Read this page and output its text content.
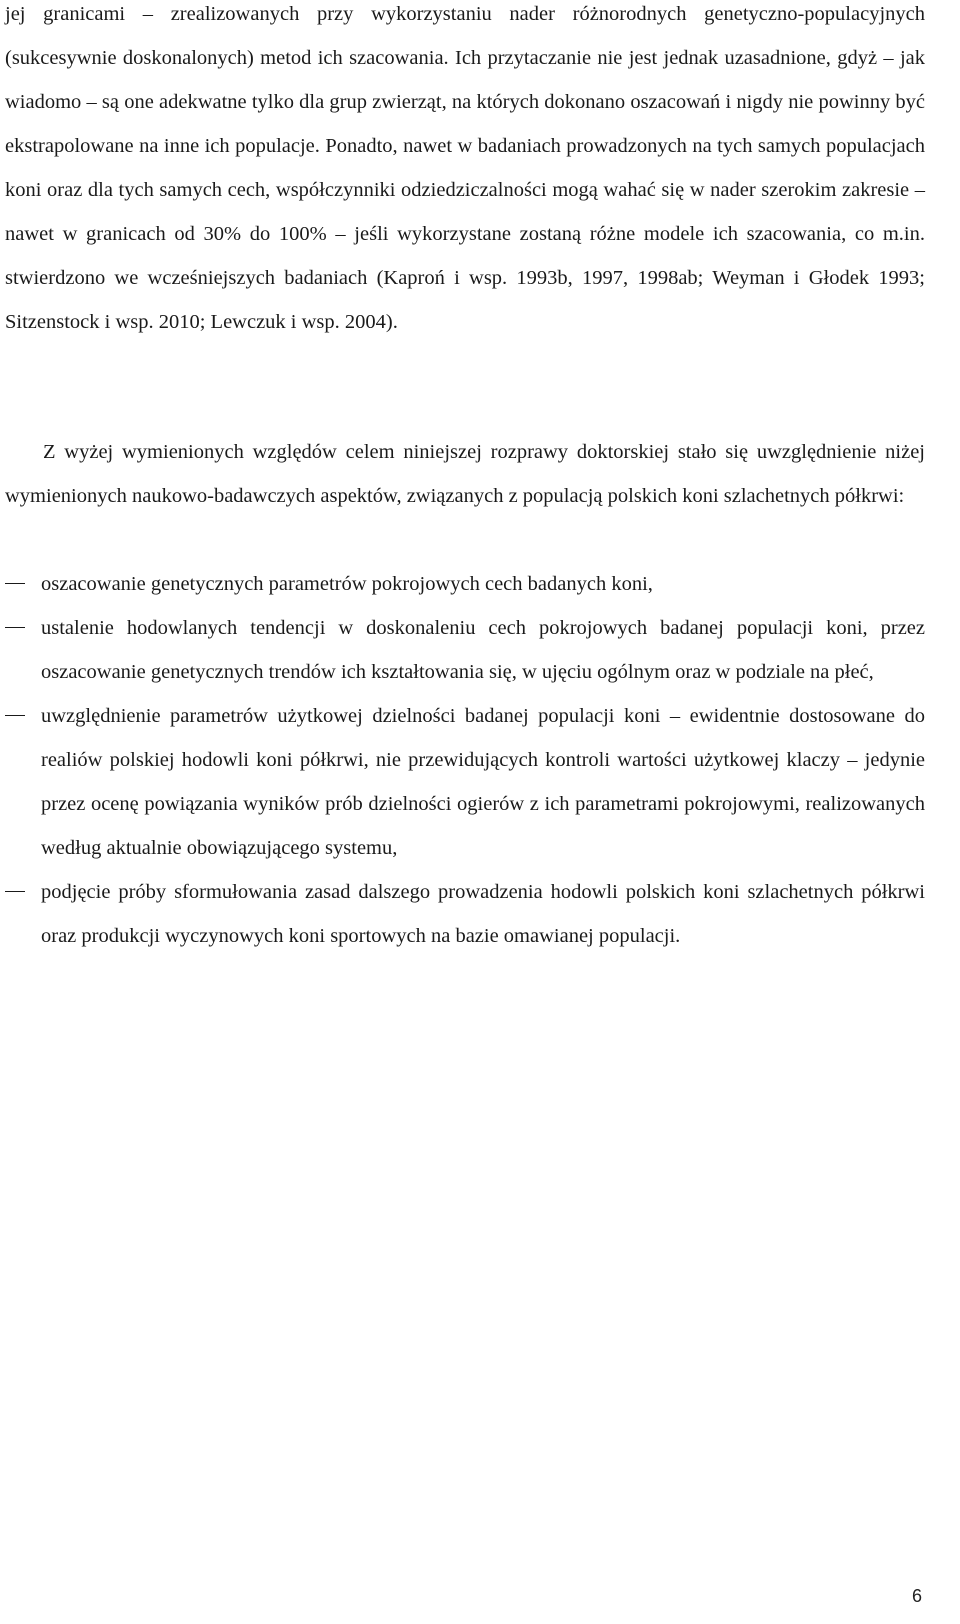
jej granicami – zrealizowanych przy wykorzystaniu nader różnorodnych genetyczno-populacyjnych (sukcesywnie doskonalonych) metod ich szacowania. Ich przytaczanie nie jest jednak uzasadnione, gdyż – jak wiadomo – są one adekwatne tylko dla grup zwierząt, na których dokonano oszacowań i nigdy nie powinny być ekstrapolowane na inne ich populacje. Ponadto, nawet w badaniach prowadzonych na tych samych populacjach koni oraz dla tych samych cech, współczynniki odziedziczalności mogą wahać się w nader szerokim zakresie – nawet w granicach od 30% do 100% – jeśli wykorzystane zostaną różne modele ich szacowania, co m.in. stwierdzono we wcześniejszych badaniach (Kaproń i wsp. 1993b, 1997, 1998ab; Weyman i Głodek 1993; Sitzenstock i wsp. 2010; Lewczuk i wsp. 2004).

Z wyżej wymienionych względów celem niniejszej rozprawy doktorskiej stało się uwzględnienie niżej wymienionych naukowo-badawczych aspektów, związanych z populacją polskich koni szlachetnych półkrwi:

oszacowanie genetycznych parametrów pokrojowych cech badanych koni,
ustalenie hodowlanych tendencji w doskonaleniu cech pokrojowych badanej populacji koni, przez oszacowanie genetycznych trendów ich kształtowania się, w ujęciu ogólnym oraz w podziale na płeć,
uwzględnienie parametrów użytkowej dzielności badanej populacji koni – ewidentnie dostosowane do realiów polskiej hodowli koni półkrwi, nie przewidujących kontroli wartości użytkowej klaczy – jedynie przez ocenę powiązania wyników prób dzielności ogierów z ich parametrami pokrojowymi, realizowanych według aktualnie obowiązującego systemu,
podjęcie próby sformułowania zasad dalszego prowadzenia hodowli polskich koni szlachetnych półkrwi oraz produkcji wyczynowych koni sportowych na bazie omawianej populacji.
6
